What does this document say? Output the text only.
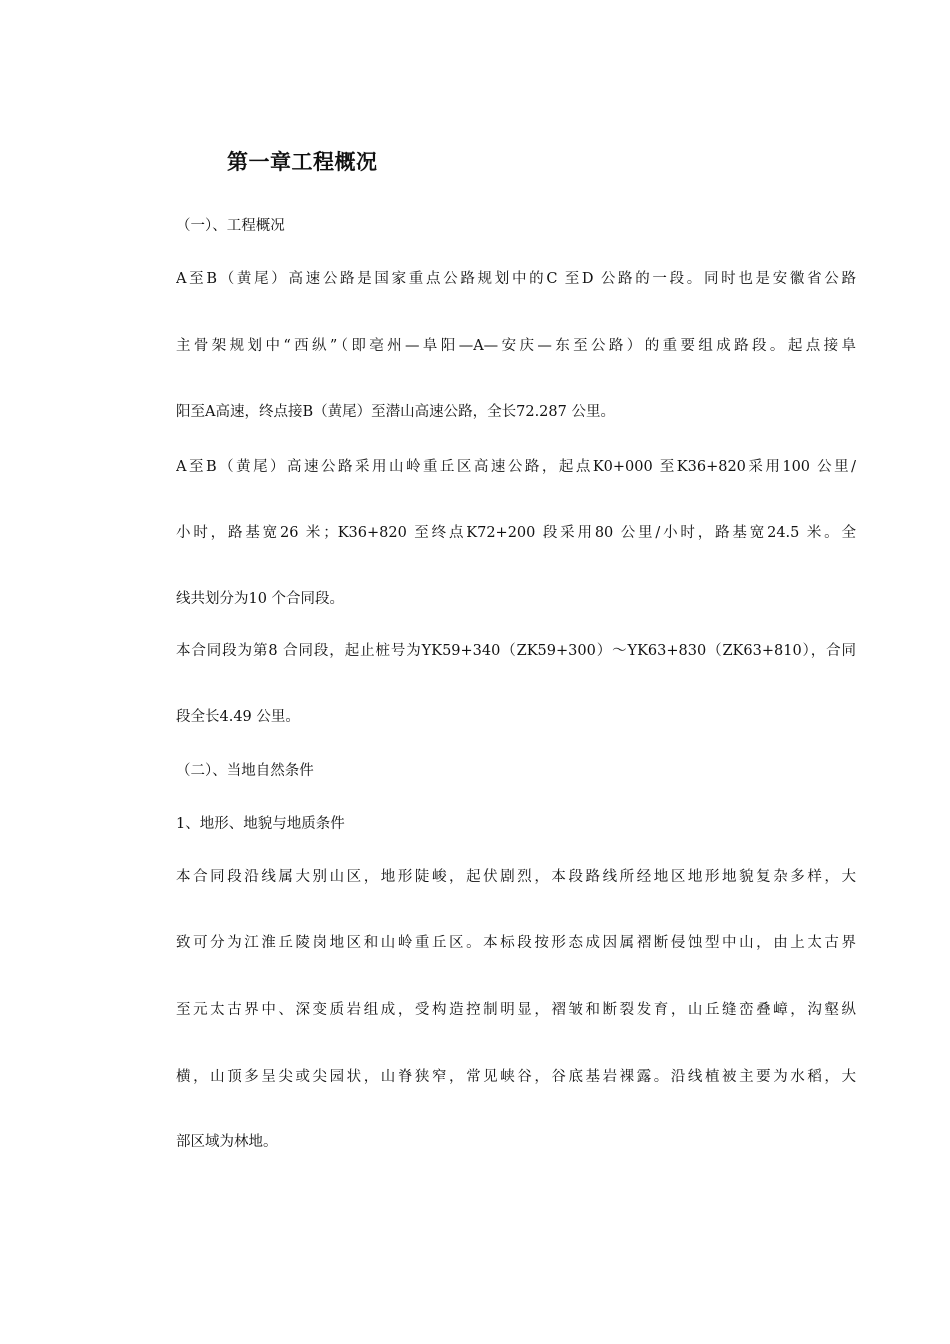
第一章工程概况
（一）、工程概况
A至B（黄尾）高速公路是国家重点公路规划中的C 至D 公路的一段。同时也是安徽省公路
主骨架规划中“西纵”（即亳州—阜阳—A—安庆—东至公路）的重要组成路段。起点接阜
阳至A高速，终点接B（黄尾）至潜山高速公路，全长72.287 公里。
A至B（黄尾）高速公路采用山岭重丘区高速公路，起点K0+000 至K36+820采用100 公里/
小时，路基宽26 米；K36+820 至终点K72+200 段采用80 公里/小时，路基宽24.5 米。全
线共划分为10 个合同段。
本合同段为第8 合同段，起止桩号为YK59+340（ZK59+300）～YK63+830（ZK63+810），合同
段全长4.49 公里。
（二）、当地自然条件
1、地形、地貌与地质条件
本合同段沿线属大别山区，地形陡峻，起伏剧烈，本段路线所经地区地形地貌复杂多样，大
致可分为江淮丘陵岗地区和山岭重丘区。本标段按形态成因属褶断侵蚀型中山，由上太古界
至元太古界中、深变质岩组成，受构造控制明显，褶皱和断裂发育，山丘缝峦叠嶂，沟壑纵
横，山顶多呈尖或尖园状，山脊狭窄，常见峡谷，谷底基岩裸露。沿线植被主要为水稻，大
部区域为林地。
